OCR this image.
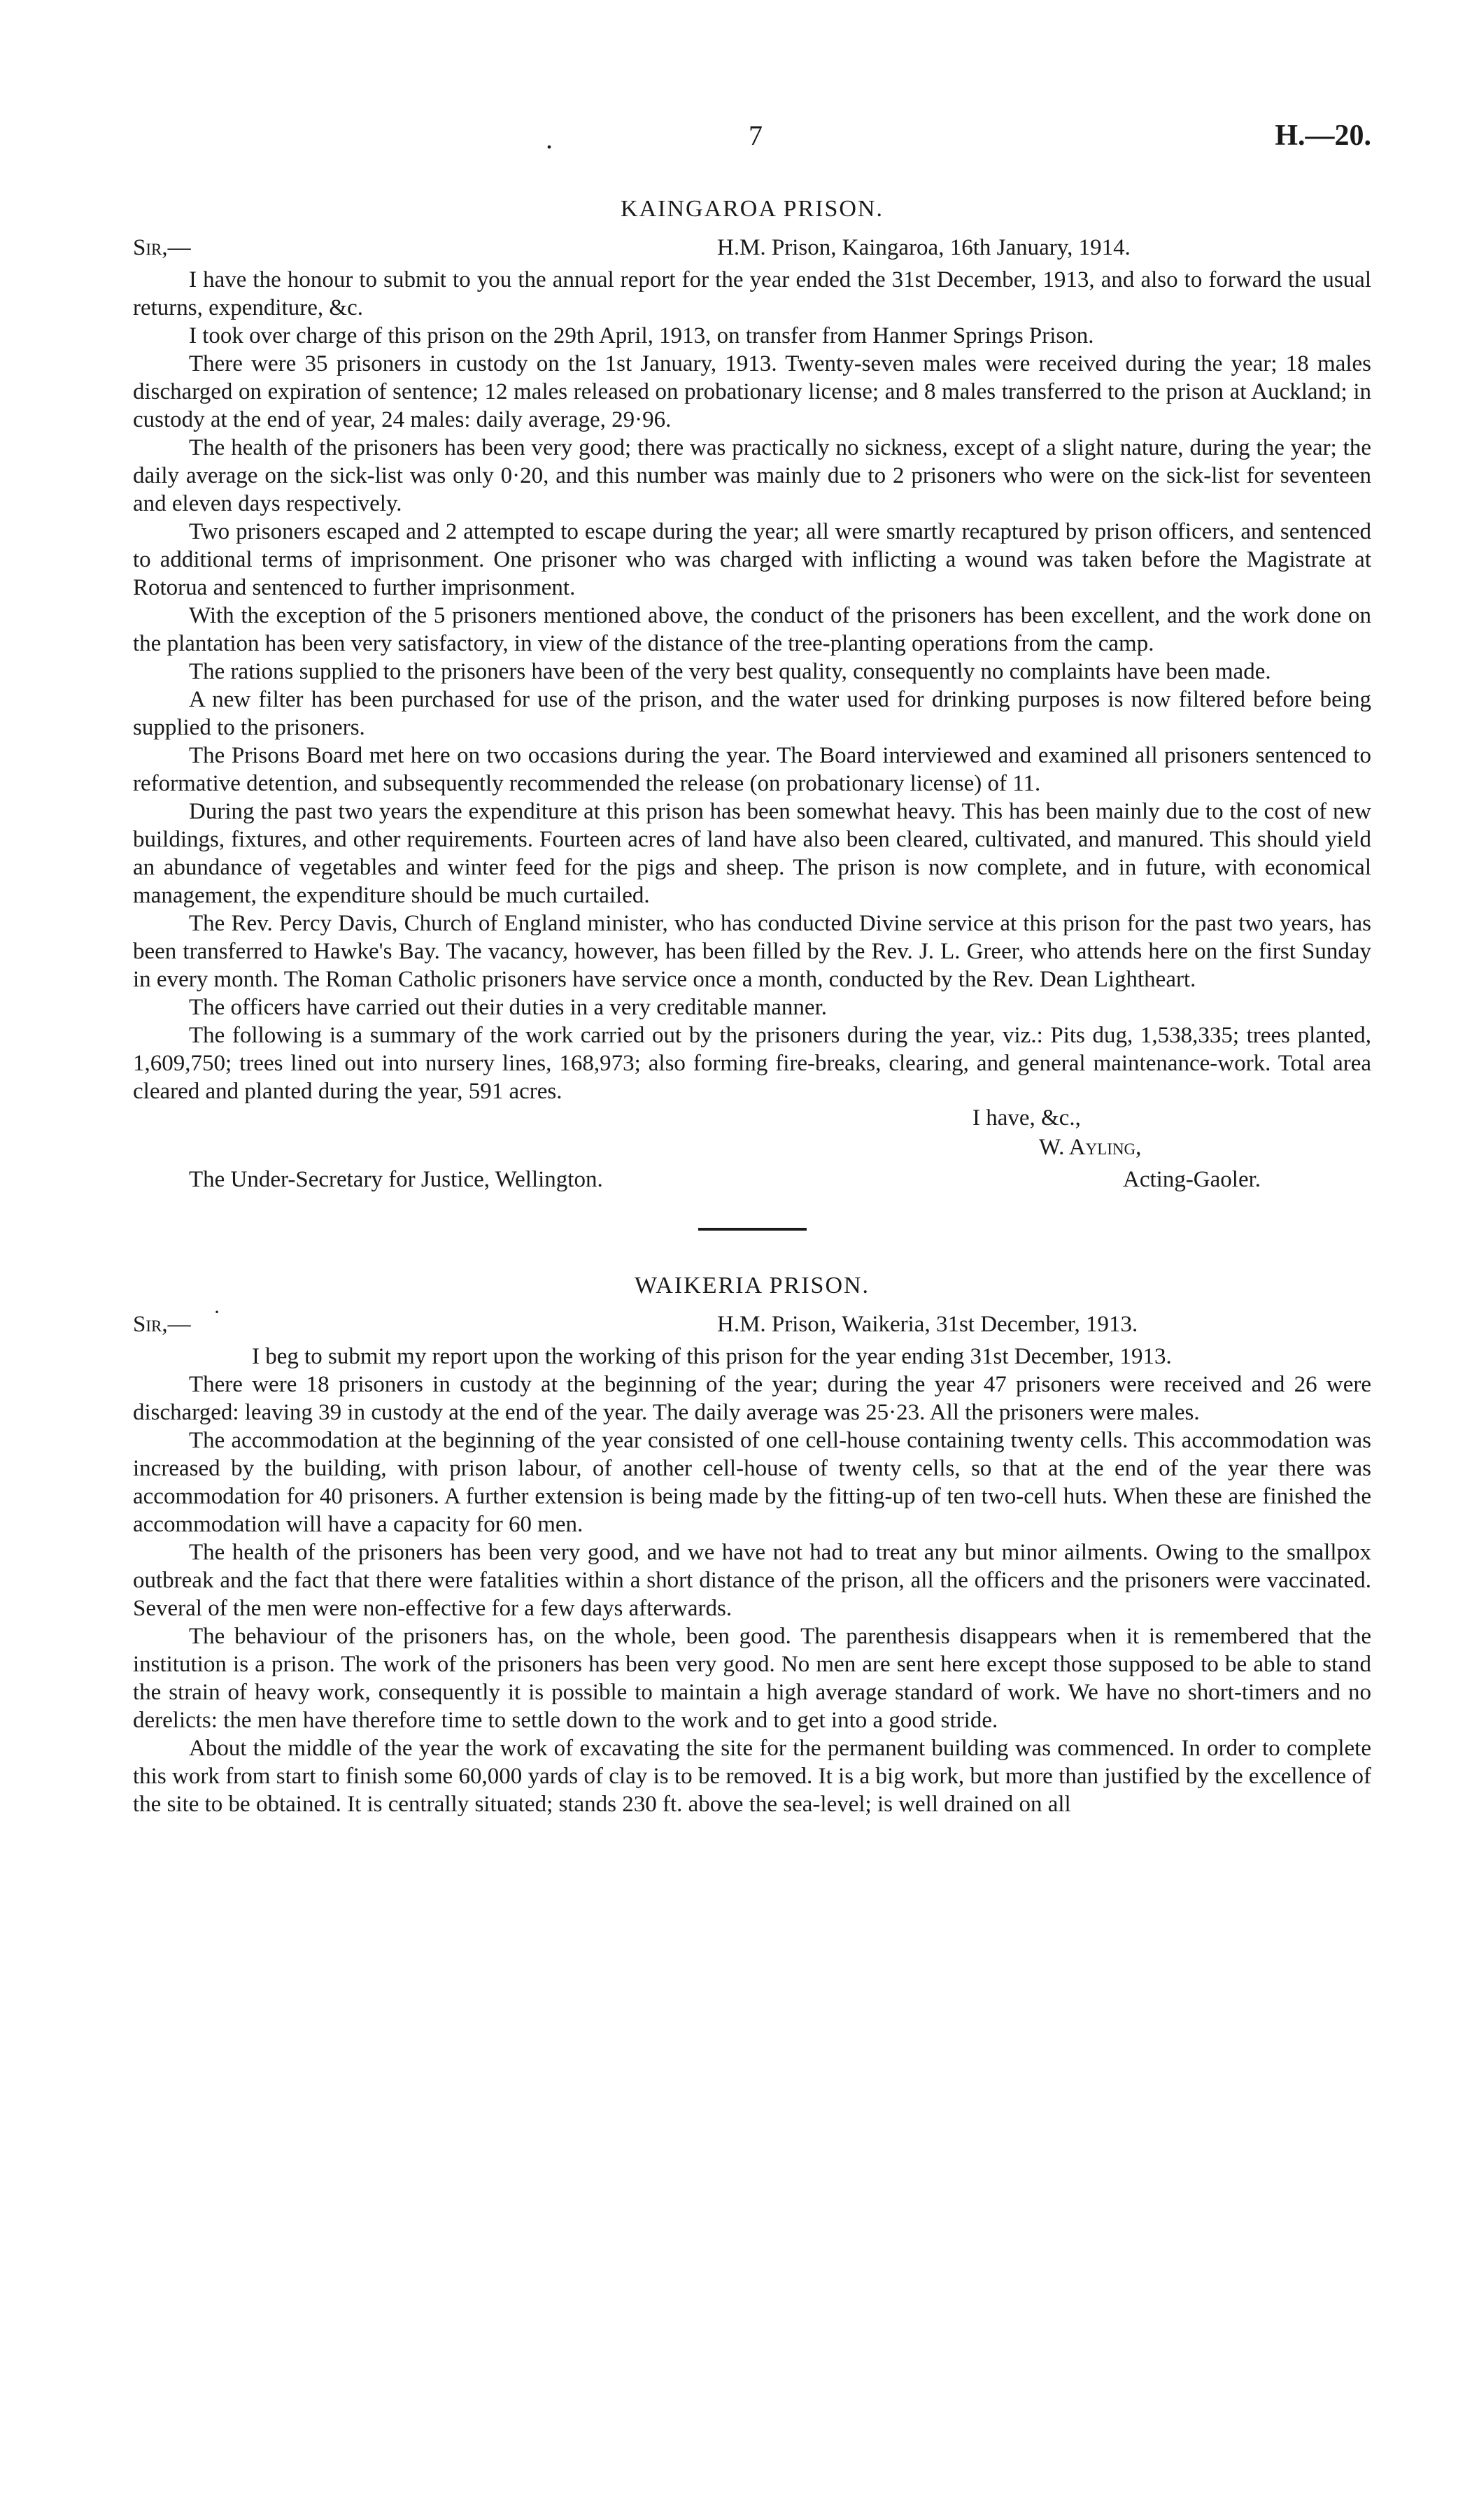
.	7	H.—20.
KAINGAROA PRISON.
Sir,—	H.M. Prison, Kaingaroa, 16th January, 1914.

I have the honour to submit to you the annual report for the year ended the 31st December, 1913, and also to forward the usual returns, expenditure, &c.

I took over charge of this prison on the 29th April, 1913, on transfer from Hanmer Springs Prison.

There were 35 prisoners in custody on the 1st January, 1913. Twenty-seven males were received during the year; 18 males discharged on expiration of sentence; 12 males released on probationary license; and 8 males transferred to the prison at Auckland; in custody at the end of year, 24 males: daily average, 29·96.

The health of the prisoners has been very good; there was practically no sickness, except of a slight nature, during the year; the daily average on the sick-list was only 0·20, and this number was mainly due to 2 prisoners who were on the sick-list for seventeen and eleven days respectively.

Two prisoners escaped and 2 attempted to escape during the year; all were smartly recaptured by prison officers, and sentenced to additional terms of imprisonment. One prisoner who was charged with inflicting a wound was taken before the Magistrate at Rotorua and sentenced to further imprisonment.

With the exception of the 5 prisoners mentioned above, the conduct of the prisoners has been excellent, and the work done on the plantation has been very satisfactory, in view of the distance of the tree-planting operations from the camp.

The rations supplied to the prisoners have been of the very best quality, consequently no complaints have been made.

A new filter has been purchased for use of the prison, and the water used for drinking purposes is now filtered before being supplied to the prisoners.

The Prisons Board met here on two occasions during the year. The Board interviewed and examined all prisoners sentenced to reformative detention, and subsequently recommended the release (on probationary license) of 11.

During the past two years the expenditure at this prison has been somewhat heavy. This has been mainly due to the cost of new buildings, fixtures, and other requirements. Fourteen acres of land have also been cleared, cultivated, and manured. This should yield an abundance of vegetables and winter feed for the pigs and sheep. The prison is now complete, and in future, with economical management, the expenditure should be much curtailed.

The Rev. Percy Davis, Church of England minister, who has conducted Divine service at this prison for the past two years, has been transferred to Hawke's Bay. The vacancy, however, has been filled by the Rev. J. L. Greer, who attends here on the first Sunday in every month. The Roman Catholic prisoners have service once a month, conducted by the Rev. Dean Lightheart.

The officers have carried out their duties in a very creditable manner.

The following is a summary of the work carried out by the prisoners during the year, viz.: Pits dug, 1,538,335; trees planted, 1,609,750; trees lined out into nursery lines, 168,973; also forming fire-breaks, clearing, and general maintenance-work. Total area cleared and planted during the year, 591 acres.

I have, &c.,
W. Ayling,
The Under-Secretary for Justice, Wellington.	Acting-Gaoler.
·
WAIKERIA PRISON.
Sir,—	H.M. Prison, Waikeria, 31st December, 1913.

I beg to submit my report upon the working of this prison for the year ending 31st December, 1913.

There were 18 prisoners in custody at the beginning of the year; during the year 47 prisoners were received and 26 were discharged: leaving 39 in custody at the end of the year. The daily average was 25·23. All the prisoners were males.

The accommodation at the beginning of the year consisted of one cell-house containing twenty cells. This accommodation was increased by the building, with prison labour, of another cell-house of twenty cells, so that at the end of the year there was accommodation for 40 prisoners. A further extension is being made by the fitting-up of ten two-cell huts. When these are finished the accommodation will have a capacity for 60 men.

The health of the prisoners has been very good, and we have not had to treat any but minor ailments. Owing to the smallpox outbreak and the fact that there were fatalities within a short distance of the prison, all the officers and the prisoners were vaccinated. Several of the men were non-effective for a few days afterwards.

The behaviour of the prisoners has, on the whole, been good. The parenthesis disappears when it is remembered that the institution is a prison. The work of the prisoners has been very good. No men are sent here except those supposed to be able to stand the strain of heavy work, consequently it is possible to maintain a high average standard of work. We have no short-timers and no derelicts: the men have therefore time to settle down to the work and to get into a good stride.

About the middle of the year the work of excavating the site for the permanent building was commenced. In order to complete this work from start to finish some 60,000 yards of clay is to be removed. It is a big work, but more than justified by the excellence of the site to be obtained. It is centrally situated; stands 230 ft. above the sea-level; is well drained on all
